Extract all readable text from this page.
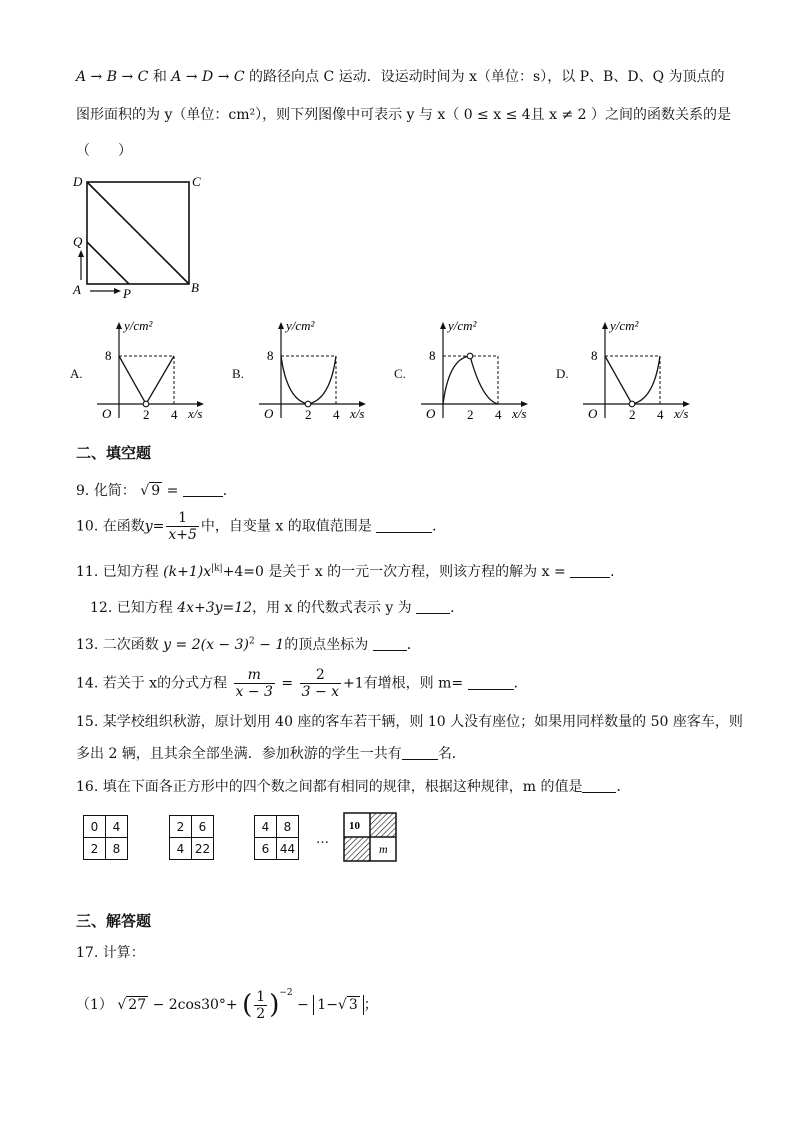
A → B → C 和 A → D → C 的路径向点 C 运动．设运动时间为 x（单位：s），以 P、B、D、Q 为顶点的
图形面积的为 y（单位：cm²），则下列图像中可表示 y 与 x（ 0 ≤ x ≤ 4且 x ≠ 2 ）之间的函数关系的是
（　　）
D	C
Q
A	P	B
A.
y/cm²
x/s
O
8
2 4
B.
y/cm²
x/s
O
8
2 4
C.
y/cm²
x/s
O
8
2 4
D.
y/cm²
x/s
O
8
2 4
二、填空题
9. 化简： √ 9 =	．
10. 在函数$y= \frac{1}{x+5}$ 中，自变量 x 的取值范围是	．
11. 已知方程 $(k+1)x^{|k|}+4=0$ 是关于 x 的一元一次方程，则该方程的解为 x =	．
12. 已知方程 4x+3y=12，用 x 的代数式表示 y 为	．
13. 二次函数 $y = 2(x - 3)^2 - 1$的顶点坐标为	．
14. 若关于 x的分式方程 $\frac{m}{x - 3} = \frac{2}{3 - x} +1$有增根，则 m=	．
15. 某学校组织秋游，原计划用 40 座的客车若干辆，则 10 人没有座位；如果用同样数量的 50 座客车，则
多出 2 辆，且其余全部坐满．参加秋游的学生一共有	名．
16. 填在下面各正方形中的四个数之间都有相同的规律，根据这种规律，m 的值是 ．
0	4
2	8
2	6
4	22
4	8
6	44
…
10
m
三、解答题
17. 计算：
（1） √ 27 − 2cos30°+ ( $\frac{1}{2} )^{-2} - 1-√$ 3 ；
